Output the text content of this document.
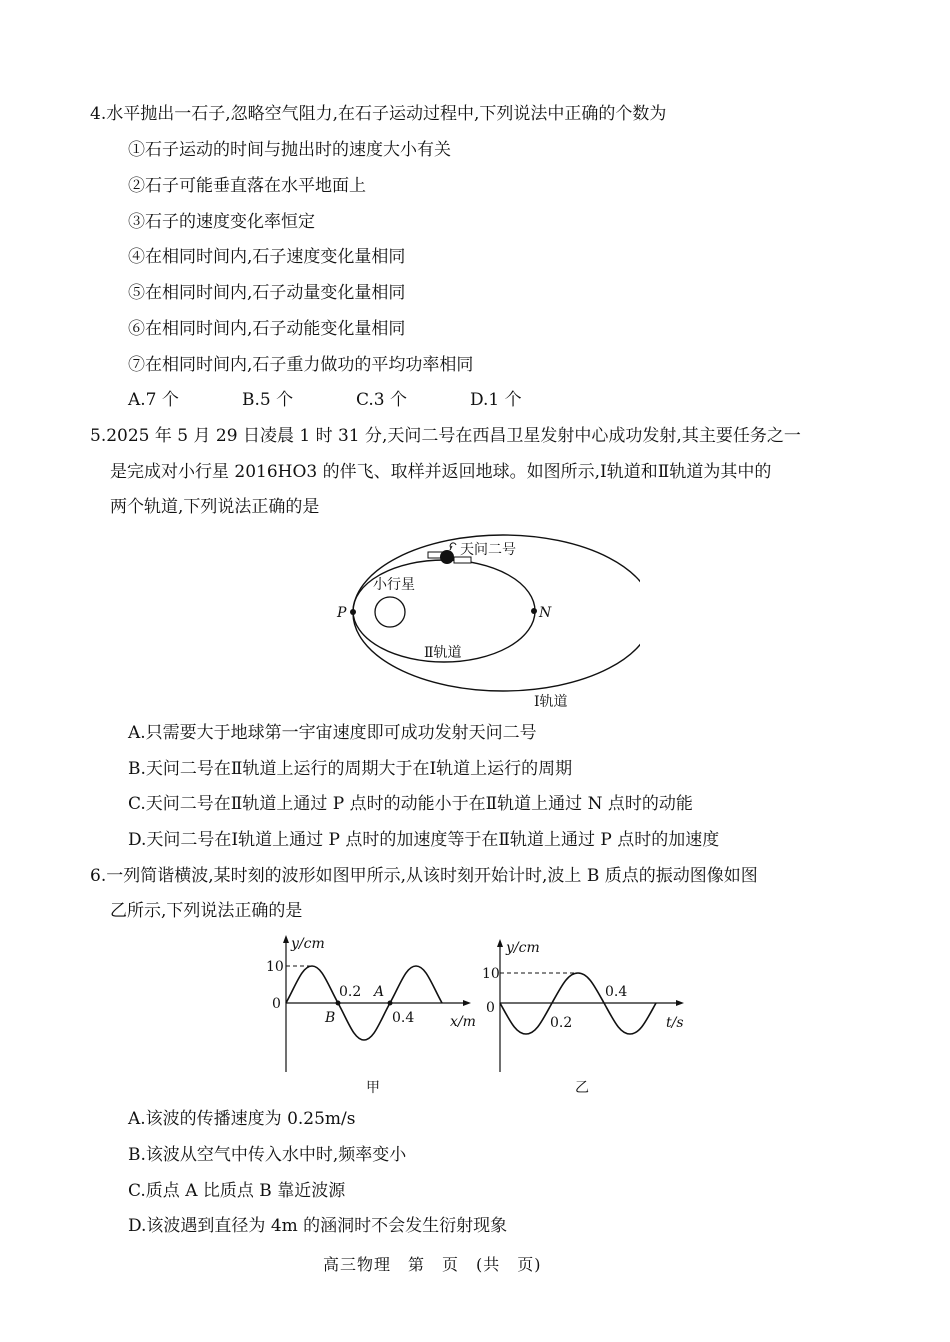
4.水平抛出一石子,忽略空气阻力,在石子运动过程中,下列说法中正确的个数为
①石子运动的时间与抛出时的速度大小有关
②石子可能垂直落在水平地面上
③石子的速度变化率恒定
④在相同时间内,石子速度变化量相同
⑤在相同时间内,石子动量变化量相同
⑥在相同时间内,石子动能变化量相同
⑦在相同时间内,石子重力做功的平均功率相同
A.7 个	B.5 个	C.3 个	D.1 个
5.2025 年 5 月 29 日凌晨 1 时 31 分,天问二号在西昌卫星发射中心成功发射,其主要任务之一
是完成对小行星 2016HO3 的伴飞、取样并返回地球。如图所示,Ⅰ轨道和Ⅱ轨道为其中的
两个轨道,下列说法正确的是
天问二号
小行星
P	N
Ⅱ轨道
Ⅰ轨道
A.只需要大于地球第一宇宙速度即可成功发射天问二号
B.天问二号在Ⅱ轨道上运行的周期大于在Ⅰ轨道上运行的周期
C.天问二号在Ⅱ轨道上通过 P 点时的动能小于在Ⅱ轨道上通过 N 点时的动能
D.天问二号在Ⅰ轨道上通过 P 点时的加速度等于在Ⅱ轨道上通过 P 点时的加速度
6.一列简谐横波,某时刻的波形如图甲所示,从该时刻开始计时,波上 B 质点的振动图像如图
乙所示,下列说法正确的是
y/cm
10
0
0.2
0.4
B
A
x/m
甲
y/cm
10
0
0.2
0.4
t/s
乙
A.该波的传播速度为 0.25m/s
B.该波从空气中传入水中时,频率变小
C.质点 A 比质点 B 靠近波源
D.该波遇到直径为 4m 的涵洞时不会发生衍射现象
高三物理　第　页　(共　页)
